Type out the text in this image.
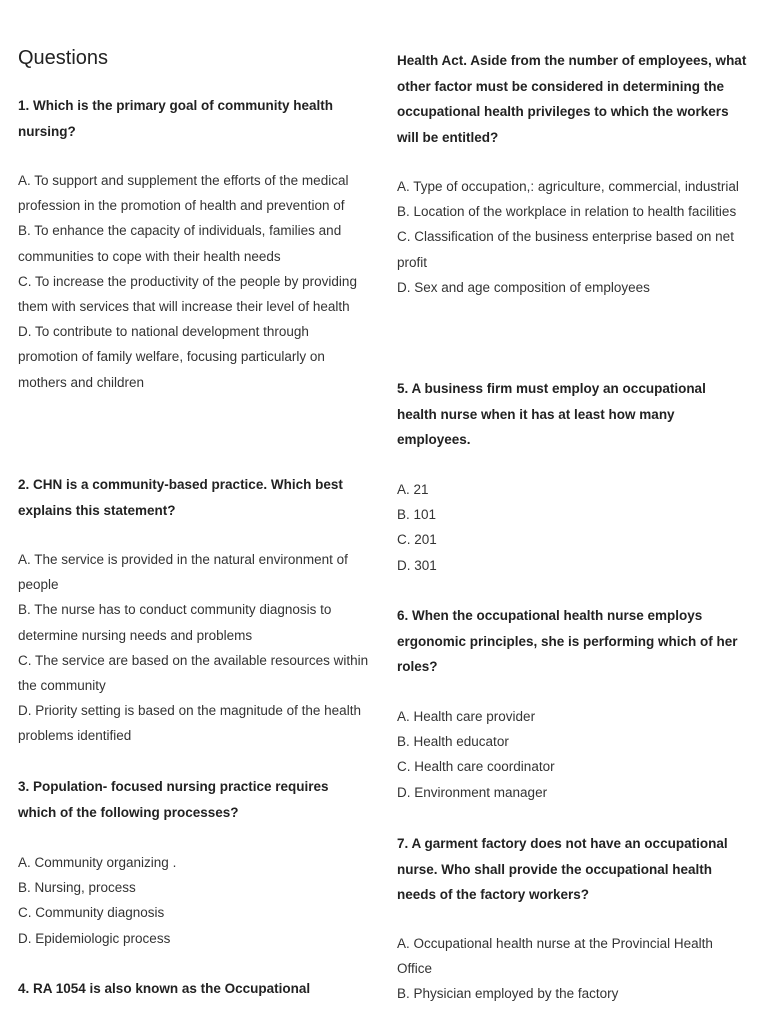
Questions

1. Which is the primary goal of community health nursing?

A. To support and supplement the efforts of the medical profession in the promotion of health and prevention of
B. To enhance the capacity of individuals, families and communities to cope with their health needs
C. To increase the productivity of the people by providing them with services that will increase their level of health
D. To contribute to national development through promotion of family welfare, focusing particularly on mothers and children

2. CHN is a community-based practice. Which best explains this statement?

A. The service is provided in the natural environment of people
B. The nurse has to conduct community diagnosis to determine nursing needs and problems
C. The service are based on the available resources within the community
D. Priority setting is based on the magnitude of the health problems identified

3. Population- focused nursing practice requires which of the following processes?

A. Community organizing .
B. Nursing, process
C. Community diagnosis
D. Epidemiologic process

4. RA 1054 is also known as the Occupational

Health Act. Aside from the number of employees, what other factor must be considered in determining the occupational health privileges to which the workers will be entitled?

A. Type of occupation,: agriculture, commercial, industrial
B. Location of the workplace in relation to health facilities
C. Classification of the business enterprise based on net profit
D. Sex and age composition of employees

5. A business firm must employ an occupational health nurse when it has at least how many employees.

A. 21
B. 101
C. 201
D. 301

6. When the occupational health nurse employs ergonomic principles, she is performing which of her roles?

A. Health care provider
B. Health educator
C. Health care coordinator
D. Environment manager

7. A garment factory does not have an occupational nurse. Who shall provide the occupational health needs of the factory workers?

A. Occupational health nurse at the Provincial Health Office
B. Physician employed by the factory
